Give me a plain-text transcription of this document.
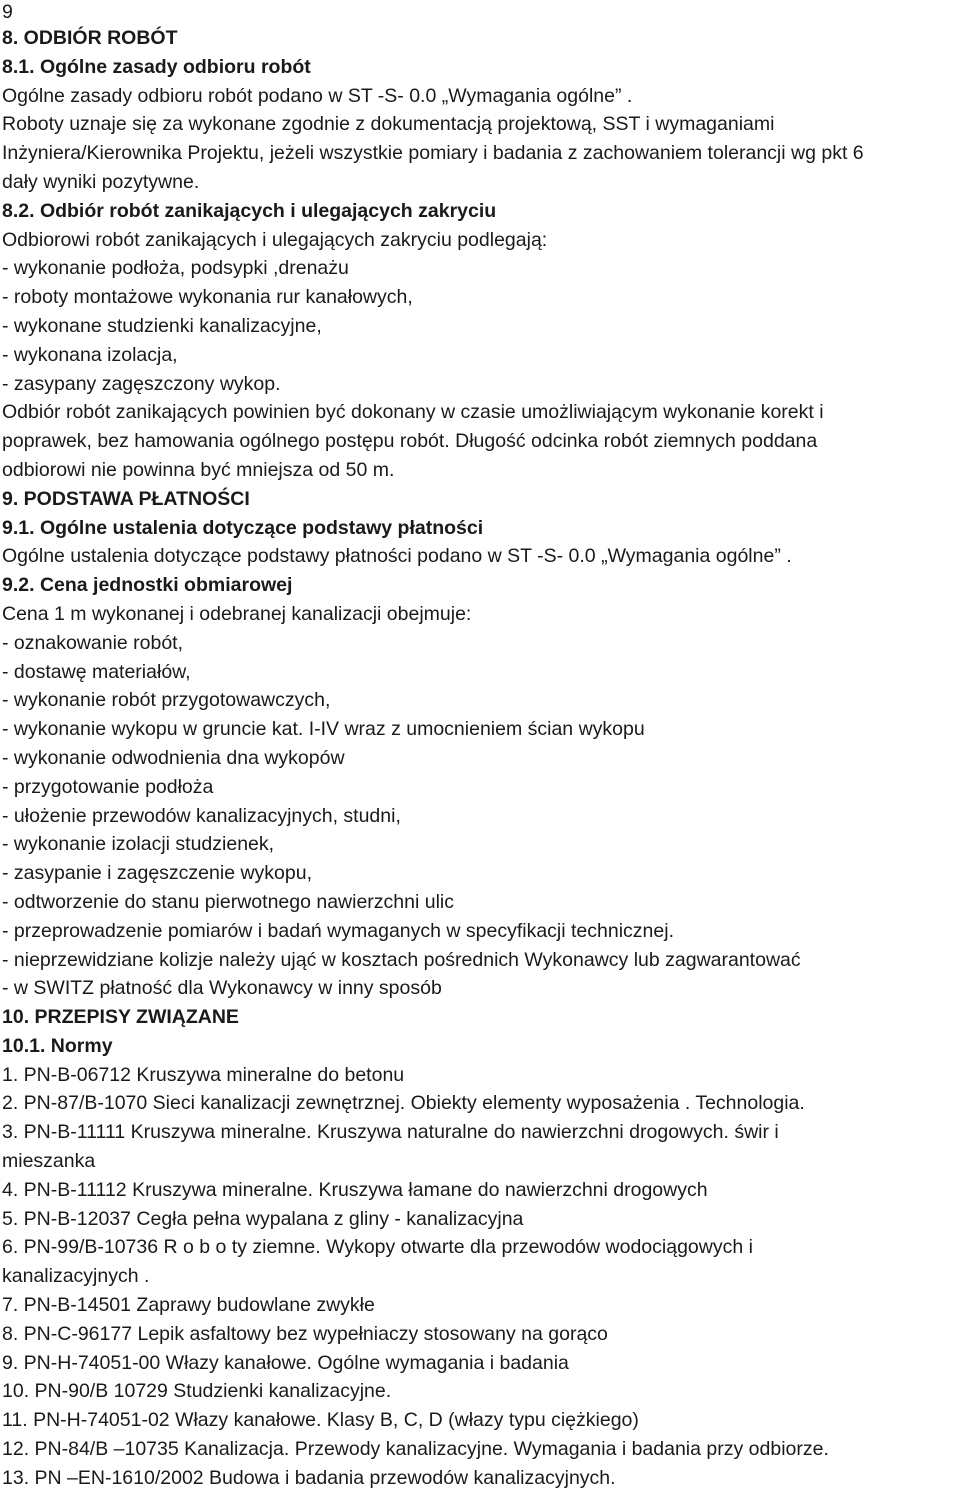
9
8. ODBIÓR ROBÓT
8.1. Ogólne zasady odbioru robót
Ogólne zasady odbioru robót podano w ST -S- 0.0 „Wymagania ogólne” .
Roboty uznaje się za wykonane zgodnie z dokumentacją projektową, SST i wymaganiami
Inżyniera/Kierownika Projektu, jeżeli wszystkie pomiary i badania z zachowaniem tolerancji wg pkt 6
dały wyniki pozytywne.
8.2. Odbiór robót zanikających i ulegających zakryciu
Odbiorowi robót zanikających i ulegających zakryciu podlegają:
- wykonanie podłoża, podsypki ,drenażu
- roboty montażowe wykonania rur kanałowych,
- wykonane studzienki kanalizacyjne,
- wykonana izolacja,
- zasypany zagęszczony wykop.
Odbiór robót zanikających powinien być dokonany w czasie umożliwiającym wykonanie korekt i
poprawek, bez hamowania ogólnego postępu robót. Długość odcinka robót ziemnych poddana
odbiorowi nie powinna być mniejsza od 50 m.
9. PODSTAWA PŁATNOŚCI
9.1. Ogólne ustalenia dotyczące podstawy płatności
Ogólne ustalenia dotyczące podstawy płatności podano w ST -S- 0.0 „Wymagania ogólne” .
9.2. Cena jednostki obmiarowej
Cena 1 m wykonanej i odebranej kanalizacji obejmuje:
- oznakowanie robót,
- dostawę materiałów,
- wykonanie robót przygotowawczych,
- wykonanie wykopu w gruncie kat. I-IV wraz z umocnieniem ścian wykopu
- wykonanie odwodnienia dna wykopów
- przygotowanie podłoża
- ułożenie przewodów kanalizacyjnych, studni,
- wykonanie izolacji studzienek,
- zasypanie i zagęszczenie wykopu,
- odtworzenie do stanu pierwotnego nawierzchni ulic
- przeprowadzenie pomiarów i badań wymaganych w specyfikacji technicznej.
- nieprzewidziane kolizje należy ująć w kosztach pośrednich Wykonawcy lub zagwarantować
- w SWITZ płatność dla Wykonawcy w inny sposób
10. PRZEPISY ZWIĄZANE
10.1. Normy
1. PN-B-06712 Kruszywa mineralne do betonu
2. PN-87/B-1070 Sieci kanalizacji zewnętrznej. Obiekty elementy wyposażenia . Technologia.
3. PN-B-11111 Kruszywa mineralne. Kruszywa naturalne do nawierzchni drogowych. świr i
mieszanka
4. PN-B-11112 Kruszywa mineralne. Kruszywa łamane do nawierzchni drogowych
5. PN-B-12037 Cegła pełna wypalana z gliny - kanalizacyjna
6. PN-99/B-10736 R o b o ty ziemne. Wykopy otwarte dla przewodów wodociągowych i
kanalizacyjnych .
7. PN-B-14501 Zaprawy budowlane zwykłe
8. PN-C-96177 Lepik asfaltowy bez wypełniaczy stosowany na gorąco
9. PN-H-74051-00 Włazy kanałowe. Ogólne wymagania i badania
10. PN-90/B 10729 Studzienki kanalizacyjne.
11. PN-H-74051-02 Włazy kanałowe. Klasy B, C, D (włazy typu ciężkiego)
12. PN-84/B –10735 Kanalizacja. Przewody kanalizacyjne. Wymagania i badania przy odbiorze.
13. PN –EN-1610/2002 Budowa i badania przewodów kanalizacyjnych.
